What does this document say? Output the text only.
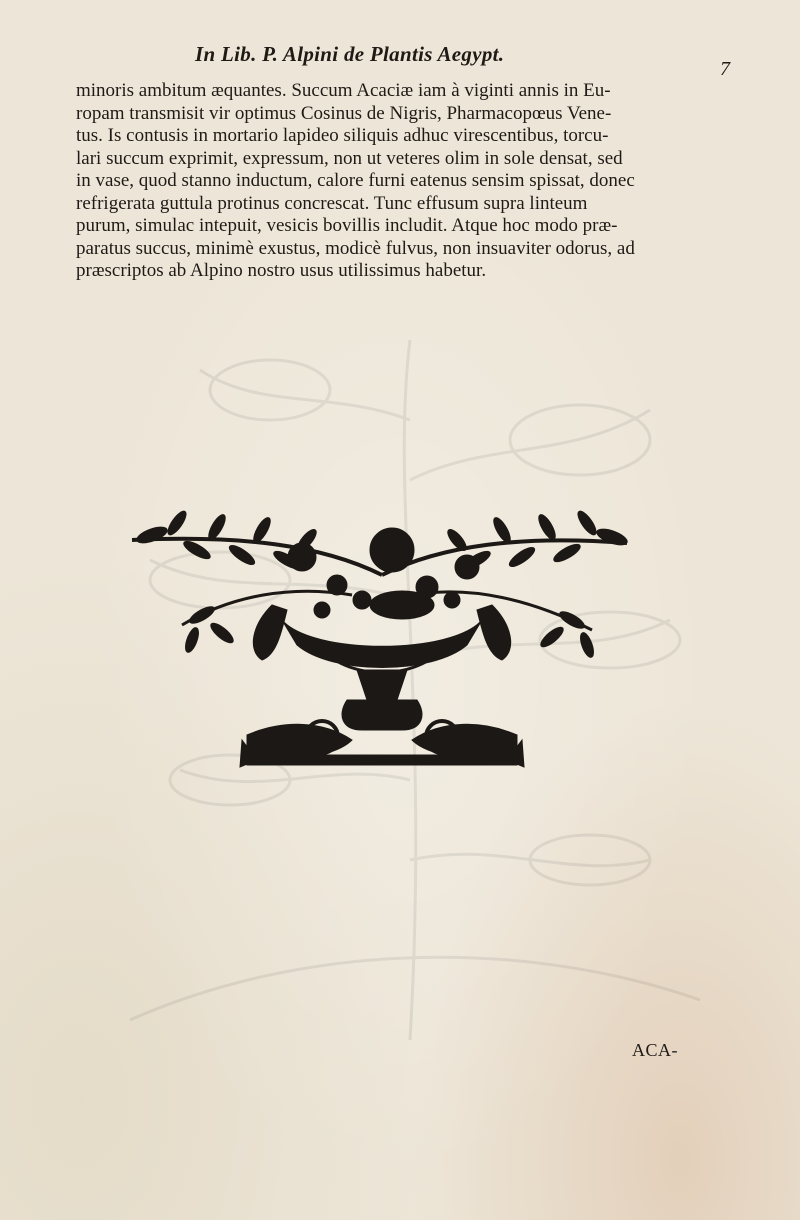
In Lib. P. Alpini de Plantis Aegypt.
7
minoris ambitum æquantes. Succum Acaciæ iam à viginti annis in Eu-
ropam transmisit vir optimus Cosinus de Nigris, Pharmacopœus Vene-
tus. Is contusis in mortario lapideo siliquis adhuc virescentibus, torcu-
lari succum exprimit, expressum, non ut veteres olim in sole densat, sed
in vase, quod stanno inductum, calore furni eatenus sensim spissat, donec
refrigerata guttula protinus concrescat. Tunc effusum supra linteum
purum, simulac intepuit, vesicis bovillis includit. Atque hoc modo præ-
paratus succus, minimè exustus, modicè fulvus, non insuaviter odorus, ad
præscriptos ab Alpino nostro usus utilissimus habetur.
ACA-
